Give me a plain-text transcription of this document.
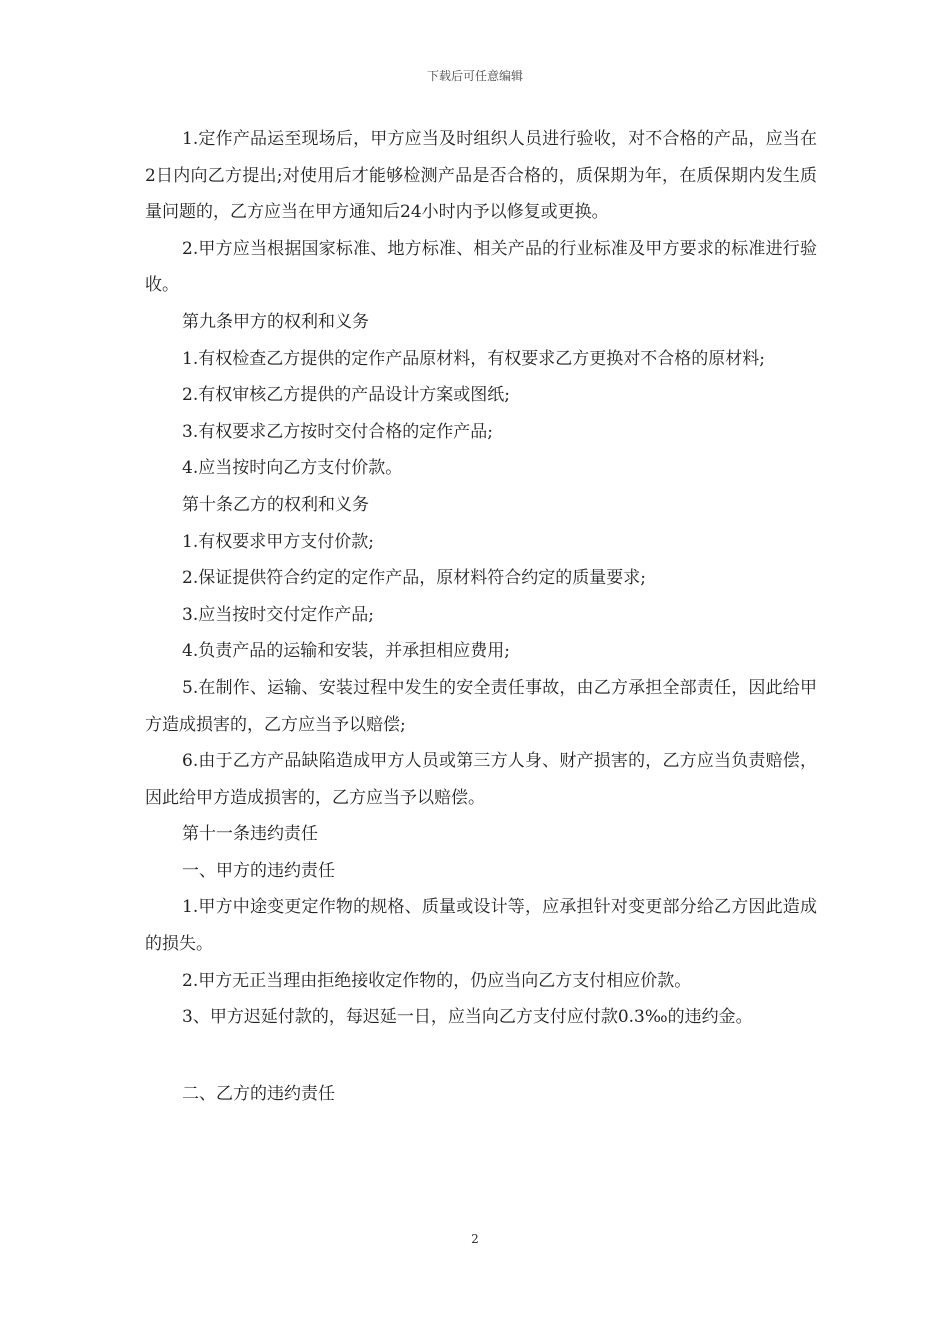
下载后可任意编辑

1.定作产品运至现场后，甲方应当及时组织人员进行验收，对不合格的产品，应当在2日内向乙方提出;对使用后才能够检测产品是否合格的，质保期为年，在质保期内发生质量问题的，乙方应当在甲方通知后24小时内予以修复或更换。

2.甲方应当根据国家标准、地方标准、相关产品的行业标准及甲方要求的标准进行验收。

第九条甲方的权利和义务

1.有权检查乙方提供的定作产品原材料，有权要求乙方更换对不合格的原材料;

2.有权审核乙方提供的产品设计方案或图纸;

3.有权要求乙方按时交付合格的定作产品;

4.应当按时向乙方支付价款。

第十条乙方的权利和义务

1.有权要求甲方支付价款;

2.保证提供符合约定的定作产品，原材料符合约定的质量要求;

3.应当按时交付定作产品;

4.负责产品的运输和安装，并承担相应费用;

5.在制作、运输、安装过程中发生的安全责任事故，由乙方承担全部责任，因此给甲方造成损害的，乙方应当予以赔偿;

6.由于乙方产品缺陷造成甲方人员或第三方人身、财产损害的，乙方应当负责赔偿，因此给甲方造成损害的，乙方应当予以赔偿。

第十一条违约责任

一、甲方的违约责任

1.甲方中途变更定作物的规格、质量或设计等，应承担针对变更部分给乙方因此造成的损失。

2.甲方无正当理由拒绝接收定作物的，仍应当向乙方支付相应价款。

3、甲方迟延付款的，每迟延一日，应当向乙方支付应付款0.3‰的违约金。

二、乙方的违约责任

2
